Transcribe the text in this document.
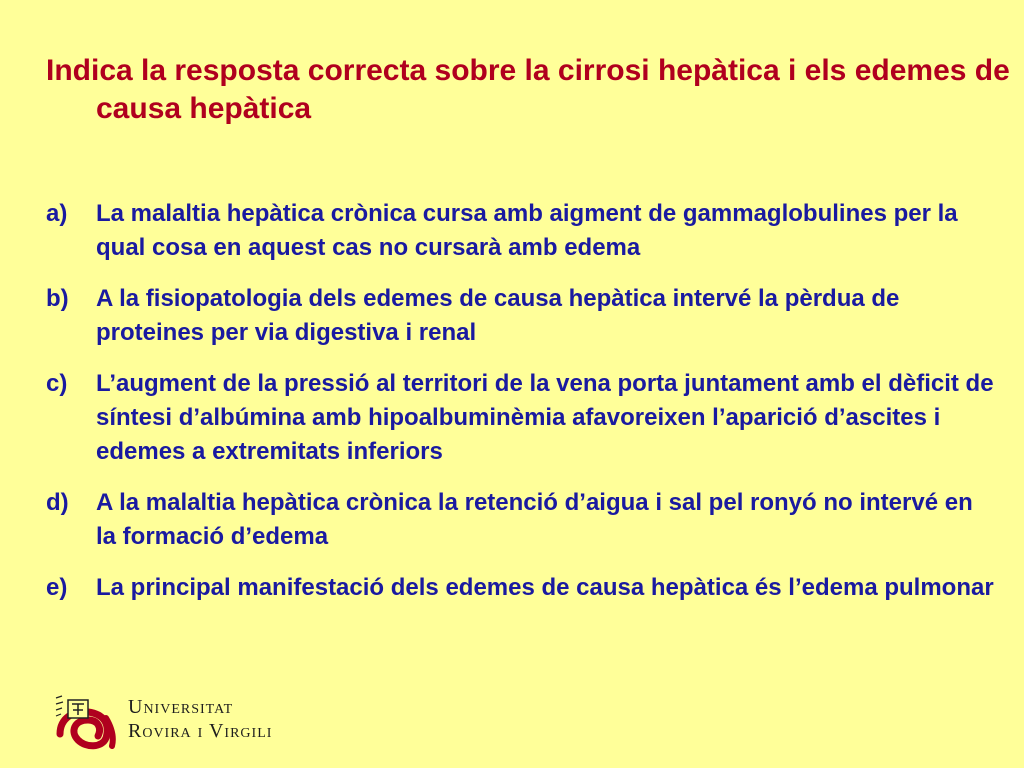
Indica la resposta correcta sobre la cirrosi hepàtica i els edemes de causa hepàtica
a)	La malaltia hepàtica crònica cursa amb aigment de gammaglobulines per la qual cosa en aquest cas no cursarà amb edema
b)	A la fisiopatologia dels edemes de causa hepàtica intervé la pèrdua de proteines per via digestiva i renal
c)	L’augment de la pressió al territori de la vena porta juntament amb el dèficit de síntesi d’albúmina amb hipoalbuminèmia afavoreixen l’aparició d’ascites i edemes a extremitats inferiors
d)	A la malaltia hepàtica crònica la retenció d’aigua i sal pel ronyó no intervé en la formació d’edema
e)	La principal manifestació dels edemes de causa hepàtica és l’edema pulmonar
Universitat
Rovira i Virgili
